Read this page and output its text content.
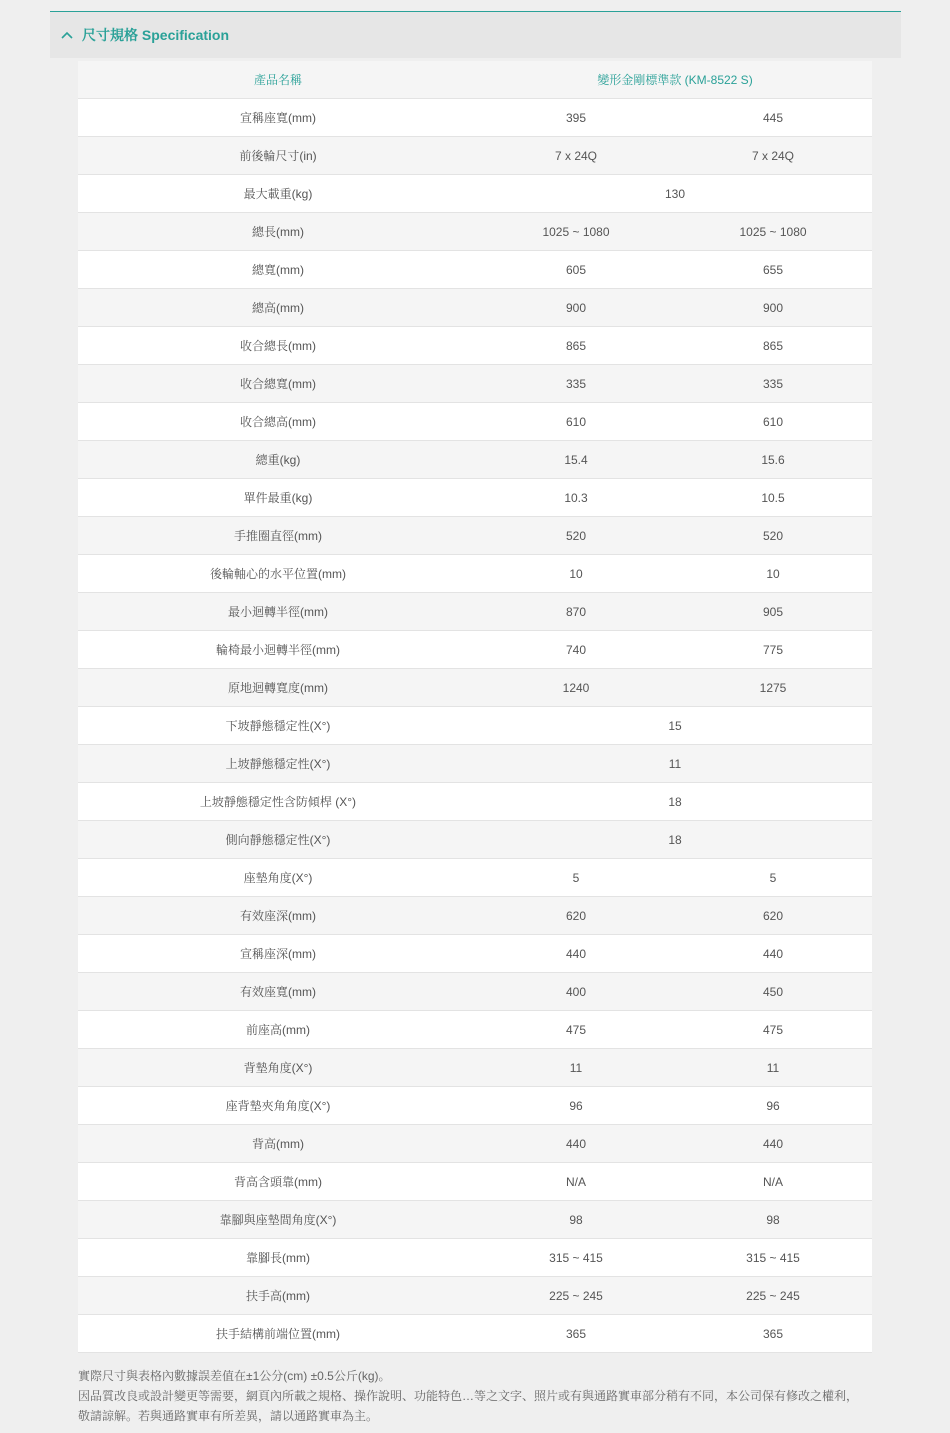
尺寸規格 Specification
產品名稱	變形金剛標準款 (KM-8522 S)	
宣稱座寬(mm)	395	445
前後輪尺寸(in)	7 x 24Q	7 x 24Q
最大載重(kg)	130	
總長(mm)	1025 ~ 1080	1025 ~ 1080
總寬(mm)	605	655
總高(mm)	900	900
收合總長(mm)	865	865
收合總寬(mm)	335	335
收合總高(mm)	610	610
總重(kg)	15.4	15.6
單件最重(kg)	10.3	10.5
手推圈直徑(mm)	520	520
後輪軸心的水平位置(mm)	10	10
最小迴轉半徑(mm)	870	905
輪椅最小迴轉半徑(mm)	740	775
原地迴轉寬度(mm)	1240	1275
下坡靜態穩定性(X°)	15	
上坡靜態穩定性(X°)	11	
上坡靜態穩定性含防傾桿 (X°)	18	
側向靜態穩定性(X°)	18	
座墊角度(X°)	5	5
有效座深(mm)	620	620
宣稱座深(mm)	440	440
有效座寬(mm)	400	450
前座高(mm)	475	475
背墊角度(X°)	11	11
座背墊夾角角度(X°)	96	96
背高(mm)	440	440
背高含頭靠(mm)	N/A	N/A
靠腳與座墊間角度(X°)	98	98
靠腳長(mm)	315 ~ 415	315 ~ 415
扶手高(mm)	225 ~ 245	225 ~ 245
扶手結構前端位置(mm)	365	365

實際尺寸與表格內數據誤差值在±1公分(cm) ±0.5公斤(kg)。

因品質改良或設計變更等需要，網頁內所載之規格、操作說明、功能特色…等之文字、照片或有與通路實車部分稍有不同，本公司保有修改之權利，敬請諒解。若與通路實車有所差異，請以通路實車為主。
